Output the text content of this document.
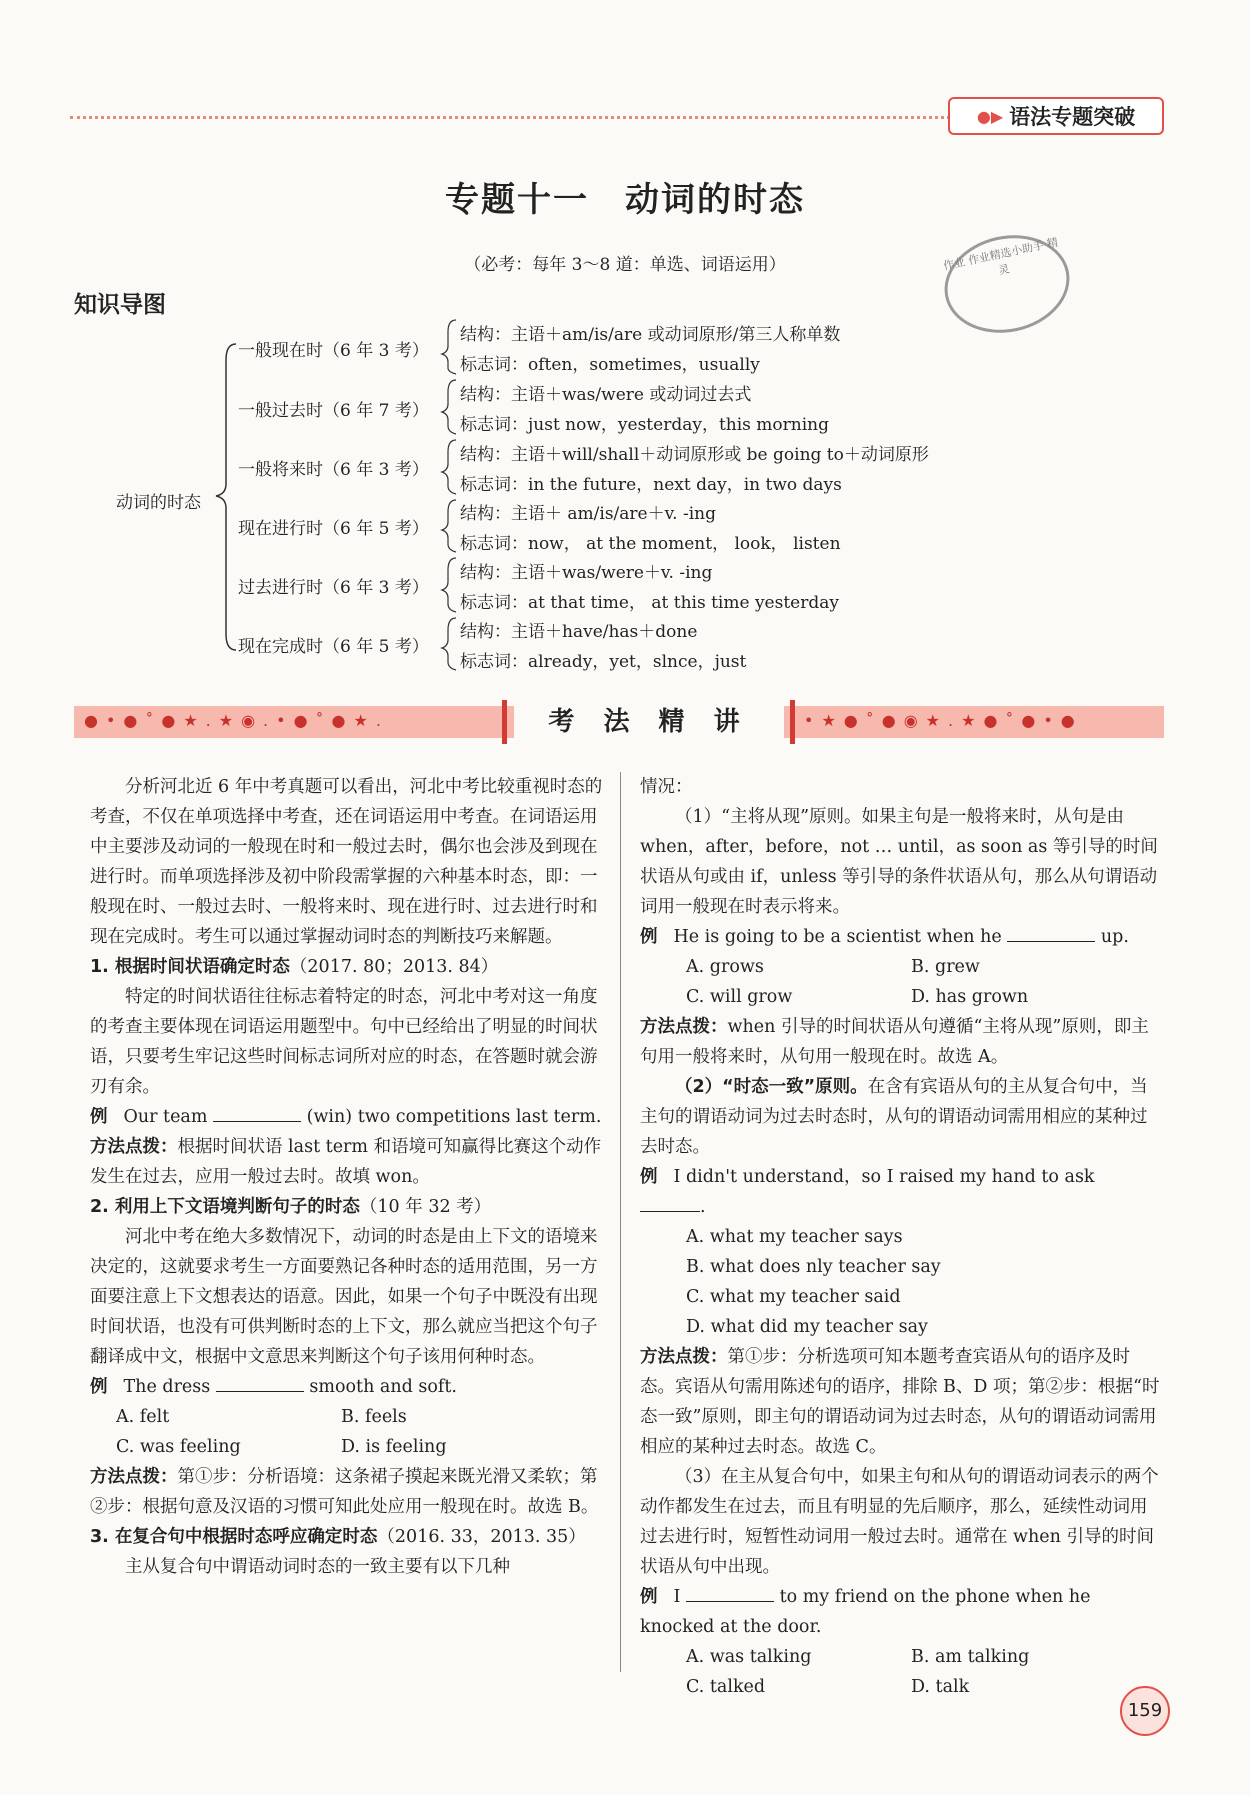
●▶ 语法专题突破
专题十一　动词的时态
（必考：每年 3～8 道：单选、词语运用）	作业 作业精选小助手 精灵
知识导图
动词的时态
一般现在时（6 年 3 考）
结构：主语＋am/is/are 或动词原形/第三人称单数
标志词：often，sometimes，usually
一般过去时（6 年 7 考）
结构：主语＋was/were 或动词过去式
标志词：just now，yesterday，this morning
一般将来时（6 年 3 考）
结构：主语＋will/shall＋动词原形或 be going to＋动词原形
标志词：in the future，next day，in two days
现在进行时（6 年 5 考）
结构：主语＋ am/is/are＋v. -ing
标志词：now， at the moment， look， listen
过去进行时（6 年 3 考）
结构：主语＋was/were＋v. -ing
标志词：at that time， at this time yesterday
现在完成时（6 年 5 考）
结构：主语＋have/has＋done
标志词：already，yet，slnce，just
●•●˚●★.★◉.•●˚●★.	考 法 精 讲	•★●˚●◉★.★●˚●•●

分析河北近 6 年中考真题可以看出，河北中考比较重视时态的考查，不仅在单项选择中考查，还在词语运用中考查。在词语运用中主要涉及动词的一般现在时和一般过去时，偶尔也会涉及到现在进行时。而单项选择涉及初中阶段需掌握的六种基本时态，即：一般现在时、一般过去时、一般将来时、现在进行时、过去进行时和现在完成时。考生可以通过掌握动词时态的判断技巧来解题。

1. 根据时间状语确定时态（2017. 80；2013. 84）

特定的时间状语往往标志着特定的时态，河北中考对这一角度的考查主要体现在词语运用题型中。句中已经给出了明显的时间状语，只要考生牢记这些时间标志词所对应的时态，在答题时就会游刃有余。

例 Our team	(win) two competitions last term.

方法点拨：根据时间状语 last term 和语境可知赢得比赛这个动作发生在过去，应用一般过去时。故填 won。

2. 利用上下文语境判断句子的时态（10 年 32 考）

河北中考在绝大多数情况下，动词的时态是由上下文的语境来决定的，这就要求考生一方面要熟记各种时态的适用范围，另一方面要注意上下文想表达的语意。因此，如果一个句子中既没有出现时间状语，也没有可供判断时态的上下文，那么就应当把这个句子翻译成中文，根据中文意思来判断这个句子该用何种时态。

例 The dress	smooth and soft.

A. felt	B. feels
C. was feeling	D. is feeling

方法点拨：第①步：分析语境：这条裙子摸起来既光滑又柔软；第②步：根据句意及汉语的习惯可知此处应用一般现在时。故选 B。

3. 在复合句中根据时态呼应确定时态（2016. 33，2013. 35）

主从复合句中谓语动词时态的一致主要有以下几种

情况：

（1）“主将从现”原则。如果主句是一般将来时，从句是由 when，after，before，not … until，as soon as 等引导的时间状语从句或由 if，unless 等引导的条件状语从句，那么从句谓语动词用一般现在时表示将来。

例 He is going to be a scientist when he	up.

A. grows	B. grew
C. will grow	D. has grown

方法点拨：when 引导的时间状语从句遵循“主将从现”原则，即主句用一般将来时，从句用一般现在时。故选 A。

（2）“时态一致”原则。在含有宾语从句的主从复合句中，当主句的谓语动词为过去时态时，从句的谓语动词需用相应的某种过去时态。

例 I didn't understand，so I raised my hand to ask .

A. what my teacher says
B. what does nly teacher say
C. what my teacher said
D. what did my teacher say

方法点拨：第①步：分析选项可知本题考查宾语从句的语序及时态。宾语从句需用陈述句的语序，排除 B、D 项；第②步：根据“时态一致”原则，即主句的谓语动词为过去时态，从句的谓语动词需用相应的某种过去时态。故选 C。

（3）在主从复合句中，如果主句和从句的谓语动词表示的两个动作都发生在过去，而且有明显的先后顺序，那么，延续性动词用过去进行时，短暂性动词用一般过去时。通常在 when 引导的时间状语从句中出现。

例 I	to my friend on the phone when he knocked at the door.

A. was talking	B. am talking
C. talked	D. talk
159
